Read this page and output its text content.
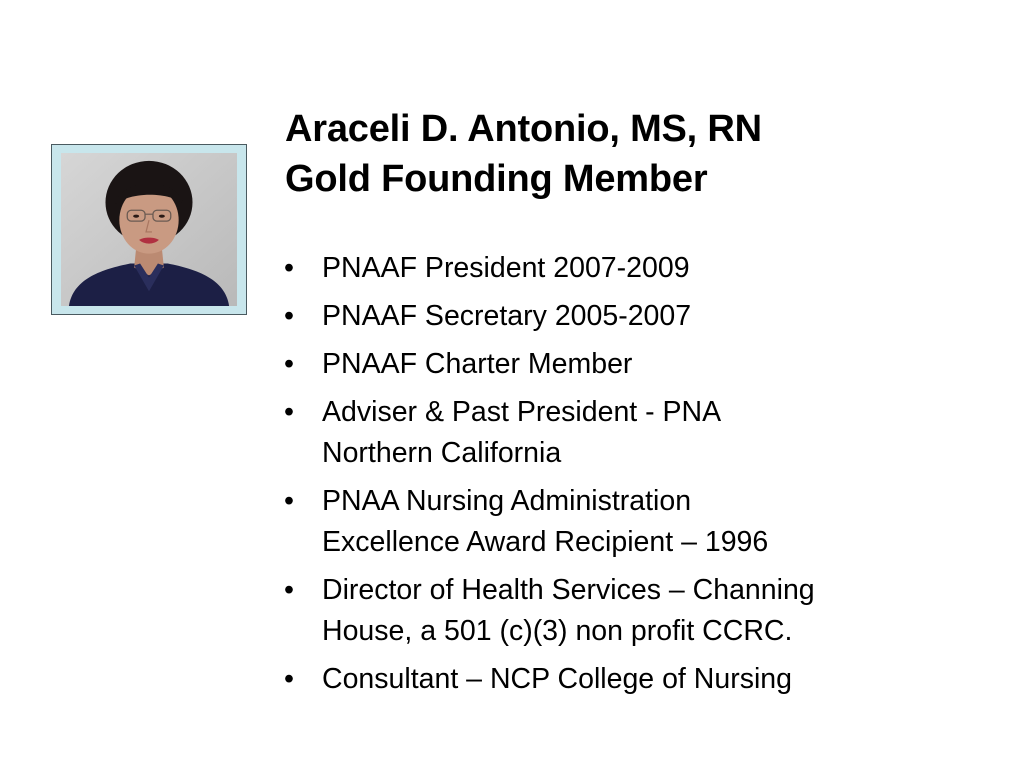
Araceli D. Antonio, MS, RN
Gold Founding Member
• PNAAF President 2007-2009
• PNAAF Secretary 2005-2007
• PNAAF Charter Member
• Adviser & Past President - PNA
Northern California
• PNAA Nursing Administration
Excellence Award Recipient – 1996
• Director of Health Services – Channing
House, a 501 (c)(3) non profit CCRC.
• Consultant – NCP College of Nursing
